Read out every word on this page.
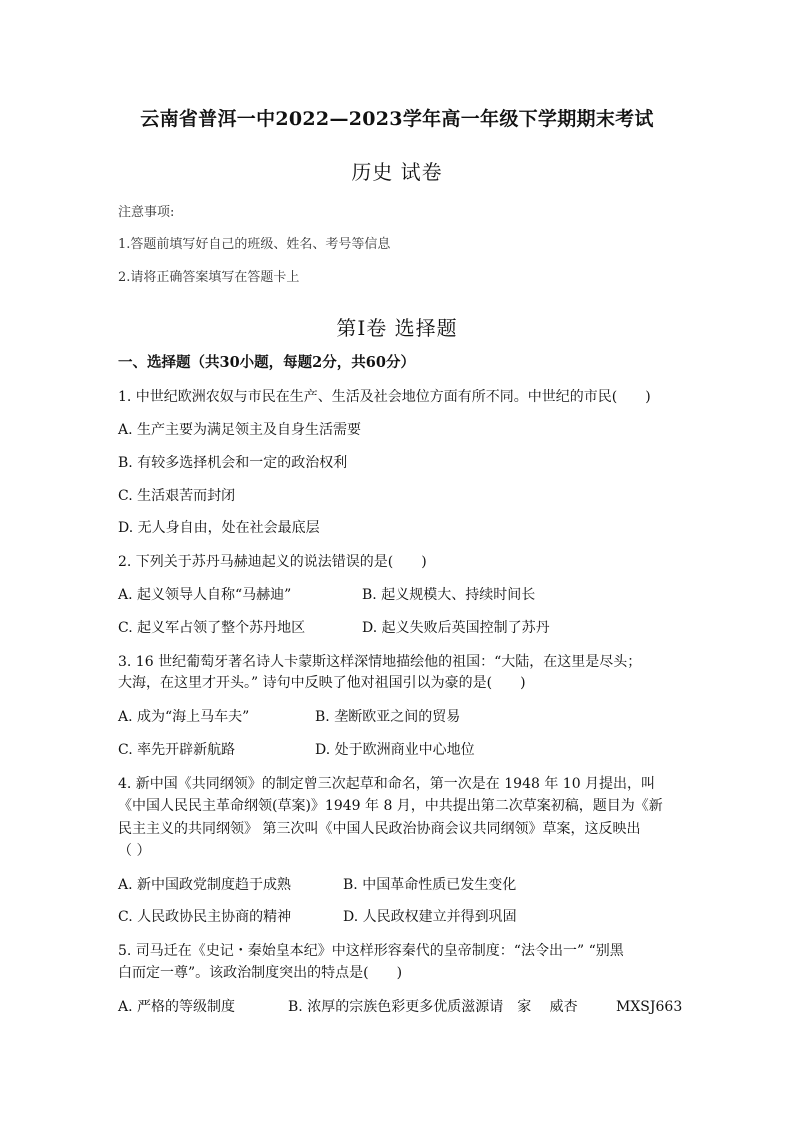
云南省普洱一中2022—2023学年高一年级下学期期末考试
历史 试卷
注意事项:
1.答题前填写好自己的班级、姓名、考号等信息
2.请将正确答案填写在答题卡上
第Ⅰ卷 选择题
一、选择题（共30小题，每题2分，共60分）
1. 中世纪欧洲农奴与市民在生产、生活及社会地位方面有所不同。中世纪的市民(　　)
A. 生产主要为满足领主及自身生活需要
B. 有较多选择机会和一定的政治权利
C. 生活艰苦而封闭
D. 无人身自由，处在社会最底层
2. 下列关于苏丹马赫迪起义的说法错误的是(　　)
A. 起义领导人自称“马赫迪”	B. 起义规模大、持续时间长
C. 起义军占领了整个苏丹地区	D. 起义失败后英国控制了苏丹
3. 16 世纪葡萄牙著名诗人卡蒙斯这样深情地描绘他的祖国：“大陆，在这里是尽头；
大海，在这里才开头。” 诗句中反映了他对祖国引以为豪的是(　　)
A. 成为“海上马车夫”	B. 垄断欧亚之间的贸易
C. 率先开辟新航路	D. 处于欧洲商业中心地位
4. 新中国《共同纲领》的制定曾三次起草和命名，第一次是在 1948 年 10 月提出，叫
《中国人民民主革命纲领(草案)》1949 年 8 月，中共提出第二次草案初稿，题目为《新
民主主义的共同纲领》 第三次叫《中国人民政治协商会议共同纲领》草案，这反映出
（ ）
A. 新中国政党制度趋于成熟	B. 中国革命性质已发生变化
C. 人民政协民主协商的精神	D. 人民政权建立并得到巩固
5. 司马迁在《史记・秦始皇本纪》中这样形容秦代的皇帝制度：“法令出一” “别黑
白而定一尊”。该政治制度突出的特点是(　　)
A. 严格的等级制度	B. 浓厚的宗族色彩更多优质滋源请　家　 威杏	MXSJ663
